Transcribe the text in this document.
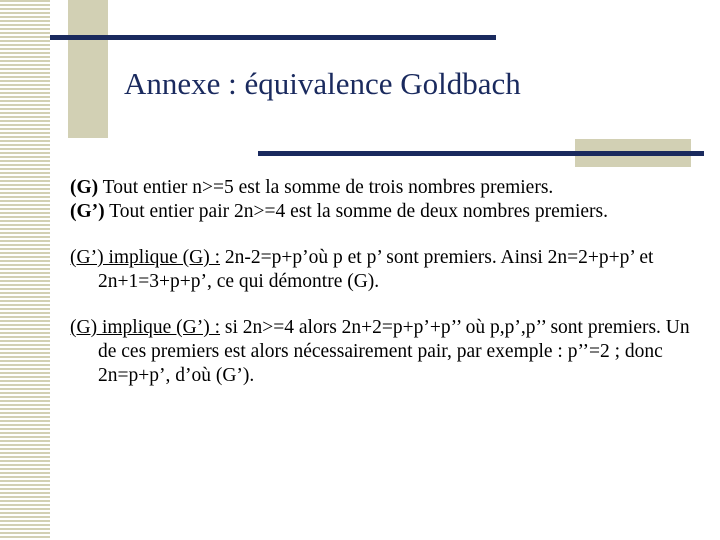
Annexe : équivalence Goldbach

(G) Tout entier n>=5 est la somme de trois nombres premiers.

(G’) Tout entier pair 2n>=4 est la somme de deux nombres premiers.

(G’) implique (G) : 2n-2=p+p’où p et p’ sont premiers. Ainsi 2n=2+p+p’ et 2n+1=3+p+p’, ce qui démontre (G).

(G) implique (G’) : si 2n>=4 alors 2n+2=p+p’+p’’ où p,p’,p’’ sont premiers. Un de ces premiers est alors nécessairement pair, par exemple : p’’=2 ; donc 2n=p+p’, d’où (G’).
